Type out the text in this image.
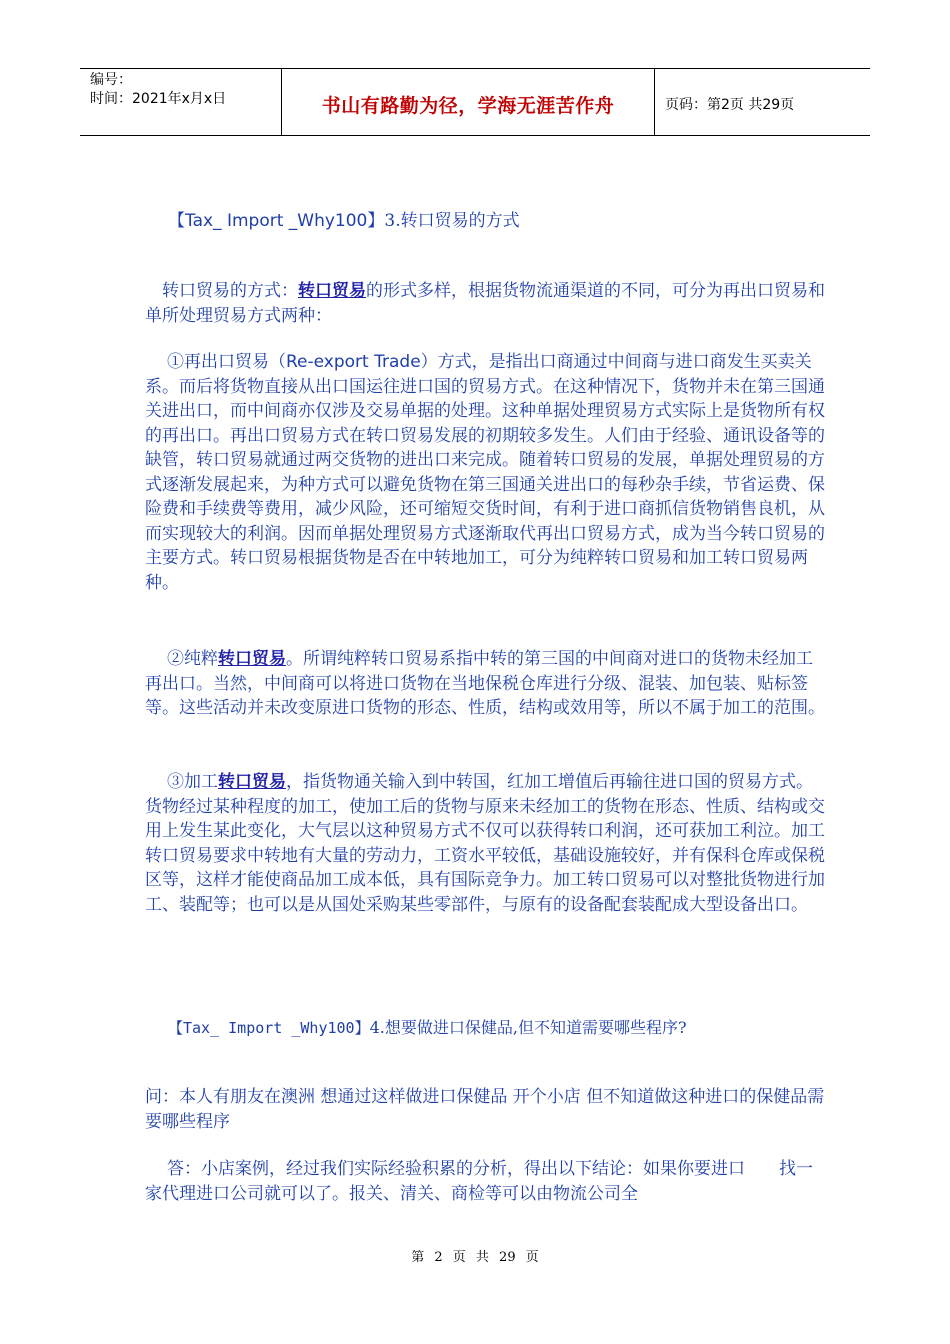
编号：
时间：2021年x月x日	书山有路勤为径，学海无涯苦作舟	页码：第2页 共29页
【Tax_ Import _Why100】3.转口贸易的方式

转口贸易的方式：转口贸易的形式多样，根据货物流通渠道的不同，可分为再出口贸易和单所处理贸易方式两种：

①再出口贸易（Re-export Trade）方式，是指出口商通过中间商与进口商发生买卖关系。而后将货物直接从出口国运往进口国的贸易方式。在这种情况下，货物并未在第三国通关进出口，而中间商亦仅涉及交易单据的处理。这种单据处理贸易方式实际上是货物所有权的再出口。再出口贸易方式在转口贸易发展的初期较多发生。人们由于经验、通讯设备等的缺管，转口贸易就通过两交货物的进出口来完成。随着转口贸易的发展，单据处理贸易的方式逐渐发展起来，为种方式可以避免货物在第三国通关进出口的每秒杂手续，节省运费、保险费和手续费等费用，减少风险，还可缩短交货时间，有利于进口商抓信货物销售良机，从而实现较大的利润。因而单据处理贸易方式逐渐取代再出口贸易方式，成为当今转口贸易的主要方式。转口贸易根据货物是否在中转地加工，可分为纯粹转口贸易和加工转口贸易两种。

②纯粹转口贸易。所谓纯粹转口贸易系指中转的第三国的中间商对进口的货物未经加工再出口。当然，中间商可以将进口货物在当地保税仓库进行分级、混装、加包装、贴标签等。这些活动并未改变原进口货物的形态、性质，结构或效用等，所以不属于加工的范围。

③加工转口贸易，指货物通关输入到中转国，红加工增值后再输往进口国的贸易方式。货物经过某种程度的加工，使加工后的货物与原来未经加工的货物在形态、性质、结构或交用上发生某此变化，大气层以这种贸易方式不仅可以获得转口利润，还可获加工利泣。加工转口贸易要求中转地有大量的劳动力，工资水平较低，基础设施较好，并有保科仓库或保税区等，这样才能使商品加工成本低，具有国际竞争力。加工转口贸易可以对整批货物进行加工、装配等；也可以是从国处采购某些零部件，与原有的设备配套装配成大型设备出口。

【Tax_ Import _Why100】4.想要做进口保健品,但不知道需要哪些程序?

问：本人有朋友在澳洲 想通过这样做进口保健品 开个小店 但不知道做这种进口的保健品需要哪些程序

答：小店案例，经过我们实际经验积累的分析，得出以下结论：如果你要进口　　找一家代理进口公司就可以了。报关、清关、商检等可以由物流公司全

第 2 页 共 29 页
